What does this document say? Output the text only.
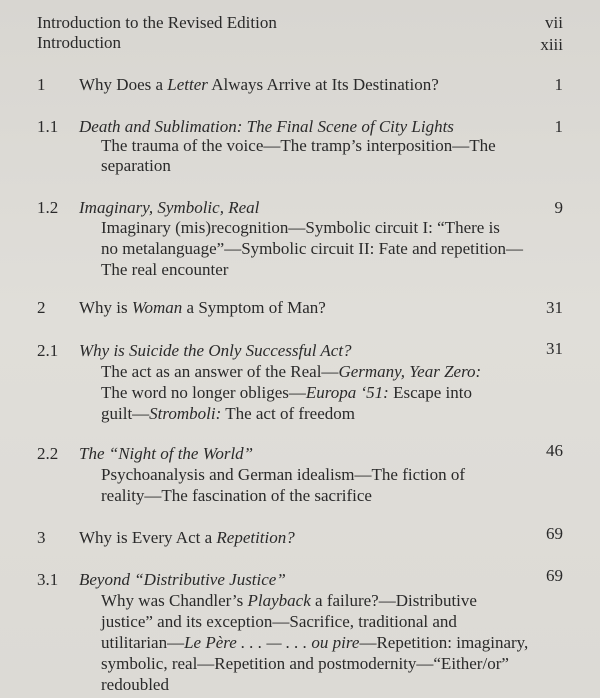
Introduction to the Revised Edition	vii
Introduction	xiii
1 Why Does a Letter Always Arrive at Its Destination?	1
1.1 Death and Sublimation: The Final Scene of City Lights	1
The trauma of the voice—The tramp’s interposition—The
separation
1.2 Imaginary, Symbolic, Real	9
Imaginary (mis)recognition—Symbolic circuit I: “There is
no metalanguage”—Symbolic circuit II: Fate and repetition—
The real encounter
2 Why is Woman a Symptom of Man?	31
2.1 Why is Suicide the Only Successful Act?	31
The act as an answer of the Real—Germany, Year Zero:
The word no longer obliges—Europa ‘51: Escape into
guilt—Stromboli: The act of freedom
2.2 The “Night of the World”	46
Psychoanalysis and German idealism—The fiction of
reality—The fascination of the sacrifice
3 Why is Every Act a Repetition?	69
3.1 Beyond “Distributive Justice”	69
Why was Chandler’s Playback a failure?—Distributive
justice” and its exception—Sacrifice, traditional and
utilitarian—Le Père . . . — . . . ou pire—Repetition: imaginary,
symbolic, real—Repetition and postmodernity—“Either/or”
redoubled
